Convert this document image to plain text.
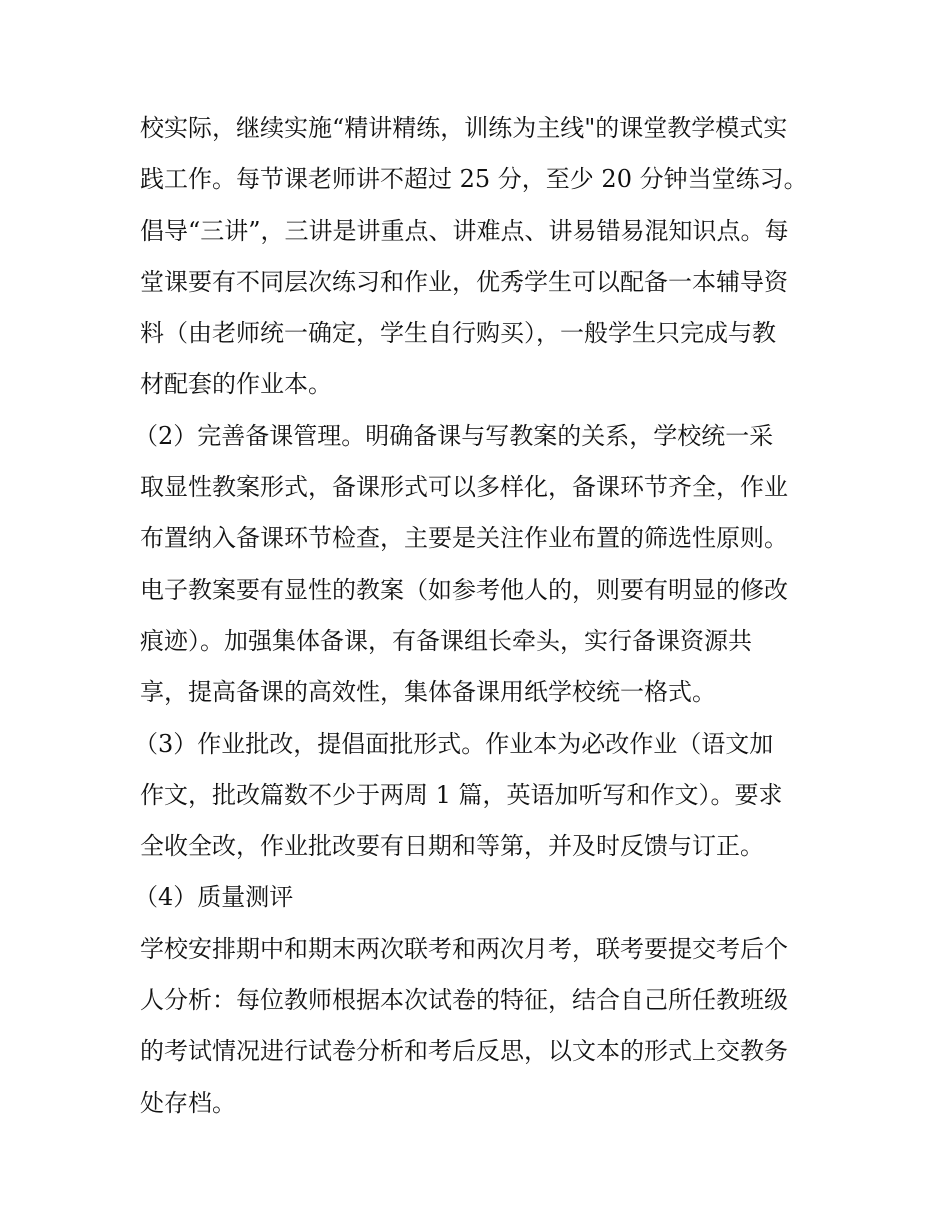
校实际，继续实施“精讲精练，训练为主线"的课堂教学模式实
践工作。每节课老师讲不超过 25 分，至少 20 分钟当堂练习。
倡导“三讲”，三讲是讲重点、讲难点、讲易错易混知识点。每
堂课要有不同层次练习和作业，优秀学生可以配备一本辅导资
料（由老师统一确定，学生自行购买），一般学生只完成与教
材配套的作业本。
（2）完善备课管理。明确备课与写教案的关系，学校统一采
取显性教案形式，备课形式可以多样化，备课环节齐全，作业
布置纳入备课环节检查，主要是关注作业布置的筛选性原则。
电子教案要有显性的教案（如参考他人的，则要有明显的修改
痕迹）。加强集体备课，有备课组长牵头，实行备课资源共
享，提高备课的高效性，集体备课用纸学校统一格式。
（3）作业批改，提倡面批形式。作业本为必改作业（语文加
作文，批改篇数不少于两周 1 篇，英语加听写和作文）。要求
全收全改，作业批改要有日期和等第，并及时反馈与订正。
（4）质量测评
学校安排期中和期末两次联考和两次月考，联考要提交考后个
人分析：每位教师根据本次试卷的特征，结合自己所任教班级
的考试情况进行试卷分析和考后反思，以文本的形式上交教务
处存档。
